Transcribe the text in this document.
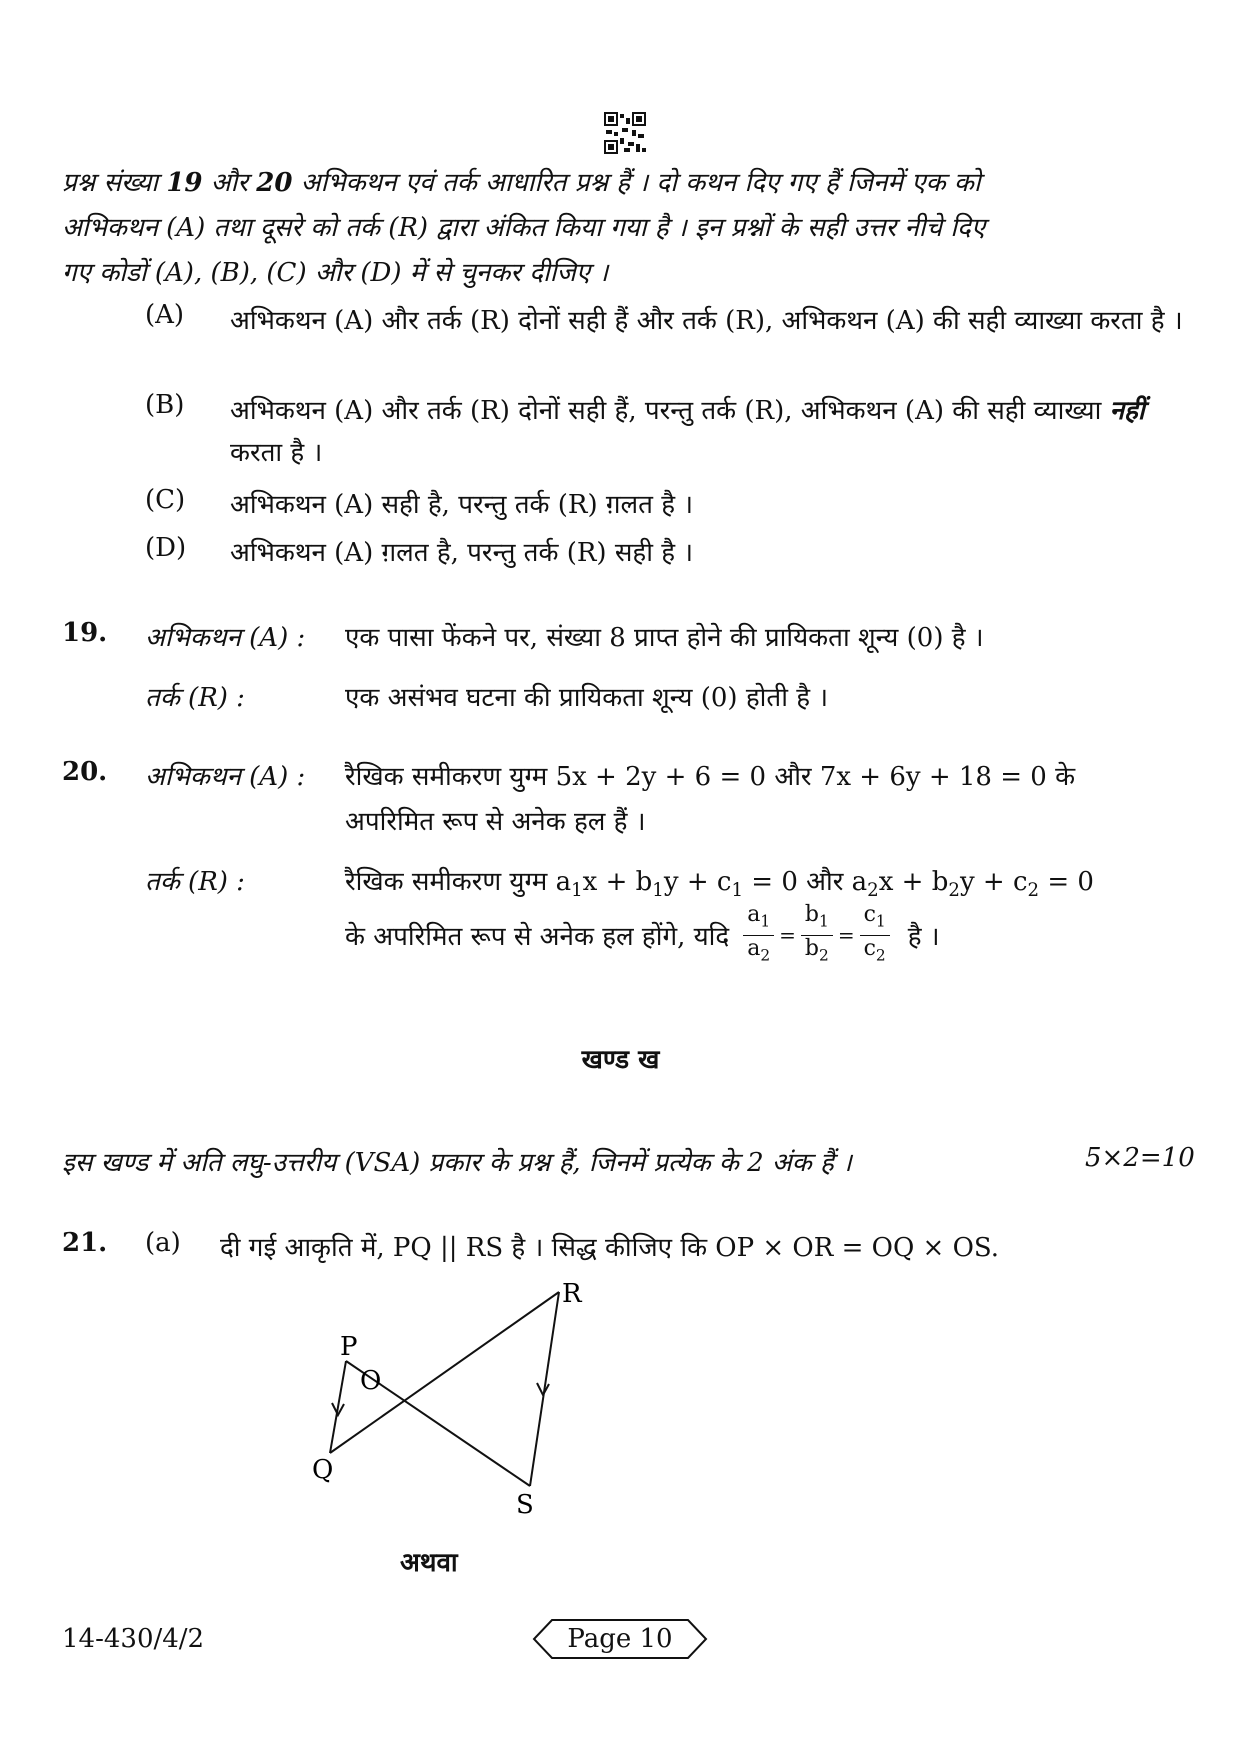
प्रश्न संख्या 19 और 20 अभिकथन एवं तर्क आधारित प्रश्न हैं । दो कथन दिए गए हैं जिनमें एक को
अभिकथन (A) तथा दूसरे को तर्क (R) द्वारा अंकित किया गया है । इन प्रश्नों के सही उत्तर नीचे दिए
गए कोडों (A), (B), (C) और (D) में से चुनकर दीजिए ।
(A)	अभिकथन (A) और तर्क (R) दोनों सही हैं और तर्क (R), अभिकथन (A) की सही व्याख्या करता है ।
(B)	अभिकथन (A) और तर्क (R) दोनों सही हैं, परन्तु तर्क (R), अभिकथन (A) की सही व्याख्या नहीं करता है ।
(C)	अभिकथन (A) सही है, परन्तु तर्क (R) ग़लत है ।
(D)	अभिकथन (A) ग़लत है, परन्तु तर्क (R) सही है ।
19. अभिकथन (A) : एक पासा फेंकने पर, संख्या 8 प्राप्त होने की प्रायिकता शून्य (0) है ।
तर्क (R) :	एक असंभव घटना की प्रायिकता शून्य (0) होती है ।
20. अभिकथन (A) : रैखिक समीकरण युग्म 5x + 2y + 6 = 0 और 7x + 6y + 18 = 0 के
अपरिमित रूप से अनेक हल हैं ।
तर्क (R) :	रैखिक समीकरण युग्म $a_1x + b_1y + c_1 = 0$ और $a_2x + b_2y + c_2 = 0$
के अपरिमित रूप से अनेक हल होंगे, यदि $\frac{a_1}{a_2} = \frac{b_1}{b_2} = \frac{c_1}{c_2}$ है ।
खण्ड ख
इस खण्ड में अति लघु-उत्तरीय (VSA) प्रकार के प्रश्न हैं, जिनमें प्रत्येक के 2 अंक हैं ।	5×2=10
21. (a) दी गई आकृति में, PQ || RS है । सिद्ध कीजिए कि OP × OR = OQ × OS.
P
Q
R
S
O
अथवा
14-430/4/2	Page 10
